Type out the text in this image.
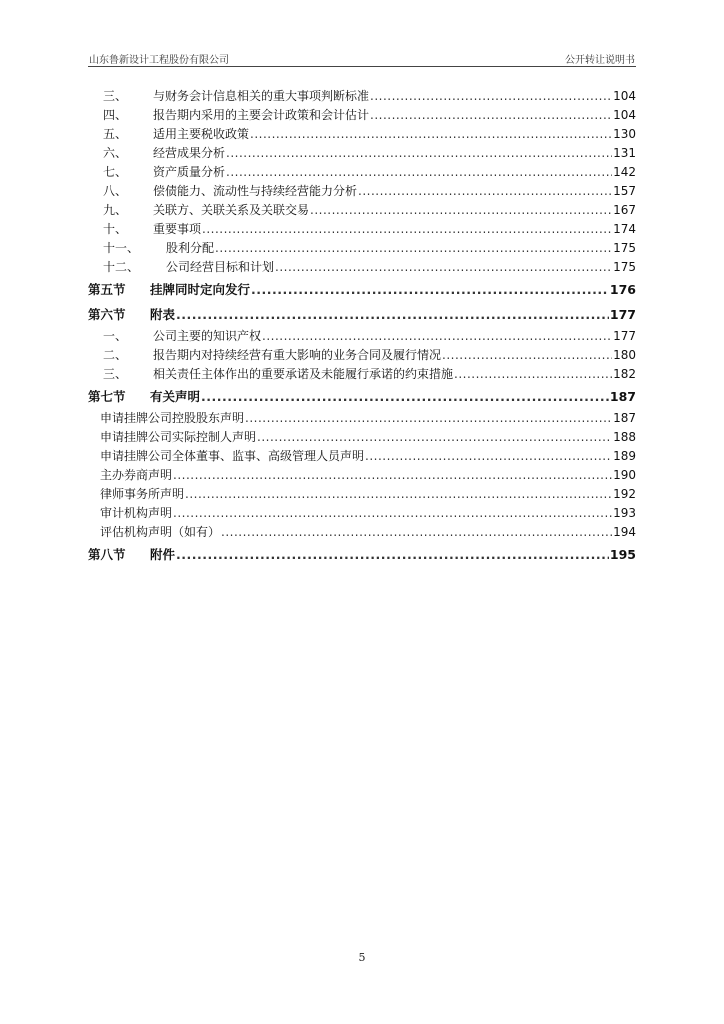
山东鲁新设计工程股份有限公司	公开转让说明书
三、	与财务会计信息相关的重大事项判断标准 .....	104
四、	报告期内采用的主要会计政策和会计估计 .....	104
五、	适用主要税收政策 .....	130
六、	经营成果分析 .....	131
七、	资产质量分析 .....	142
八、	偿债能力、流动性与持续经营能力分析 .....	157
九、	关联方、关联关系及关联交易 .....	167
十、	重要事项 .....	174
十一、	股利分配 .....	175
十二、	公司经营目标和计划 .....	175
第五节	挂牌同时定向发行 .....	176
第六节	附表 .....	177
一、	公司主要的知识产权 .....	177
二、	报告期内对持续经营有重大影响的业务合同及履行情况 .....	180
三、	相关责任主体作出的重要承诺及未能履行承诺的约束措施 .....	182
第七节	有关声明 .....	187
申请挂牌公司控股股东声明 .....	187
申请挂牌公司实际控制人声明 .....	188
申请挂牌公司全体董事、监事、高级管理人员声明 .....	189
主办券商声明 .....	190
律师事务所声明 .....	192
审计机构声明 .....	193
评估机构声明（如有） .....	194
第八节	附件 .....	195
5
